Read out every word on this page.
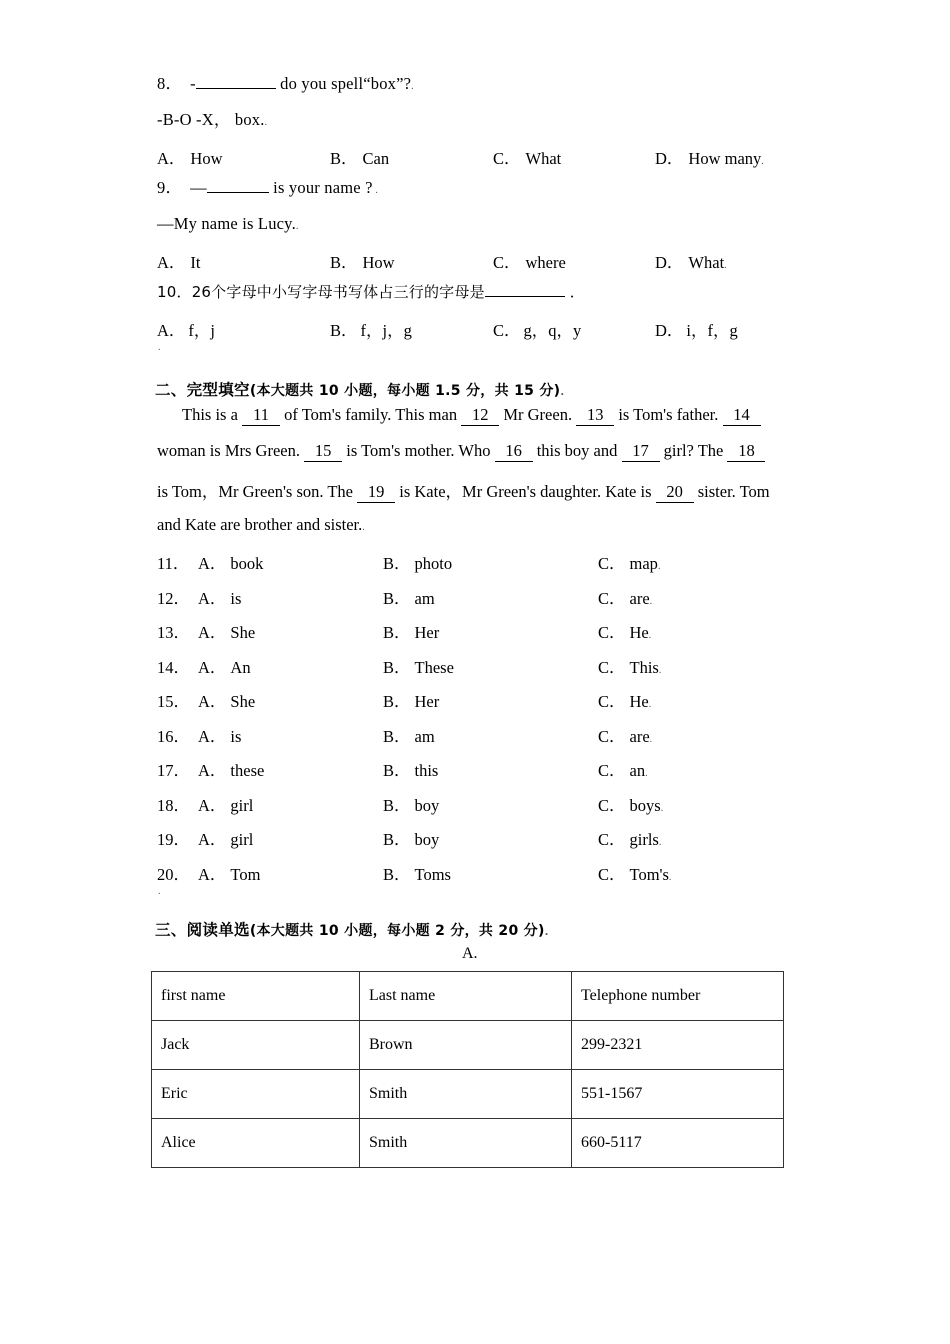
8． -	do you spell“box”?.
-B-O -X， box..
A． How	B． Can	C． What	D． How many.
9． —	is your name ? .
—My name is Lucy..
A． It	B． How	C． where	D． What.
10．26个字母中小写字母书写体占三行的字母是	．
A． f，j	B． f，j，g	C． g，q，y	D． i，f，g
.
二、完型填空(本大题共 10 小题，每小题 1.5 分，共 15 分).
This is a 11 of Tom's family. This man 12 Mr Green. 13 is Tom's father. 14
woman is Mrs Green. 15 is Tom's mother. Who 16 this boy and 17 girl? The 18
is Tom，Mr Green's son. The 19 is Kate，Mr Green's daughter. Kate is 20 sister. Tom
and Kate are brother and sister..
11． A． book	B． photo	C． map.
12． A． is	B． am	C． are.
13． A． She	B． Her	C． He.
14． A． An	B． These	C． This.
15． A． She	B． Her	C． He.
16． A． is	B． am	C． are.
17． A． these	B． this	C． an.
18． A． girl	B． boy	C． boys.
19． A． girl	B． boy	C． girls.
20． A． Tom	B． Toms	C． Tom's.
.
三、阅读单选(本大题共 10 小题，每小题 2 分，共 20 分).
A.
first name	Last name	Telephone number
Jack	Brown	299-2321
Eric	Smith	551-1567
Alice	Smith	660-5117
